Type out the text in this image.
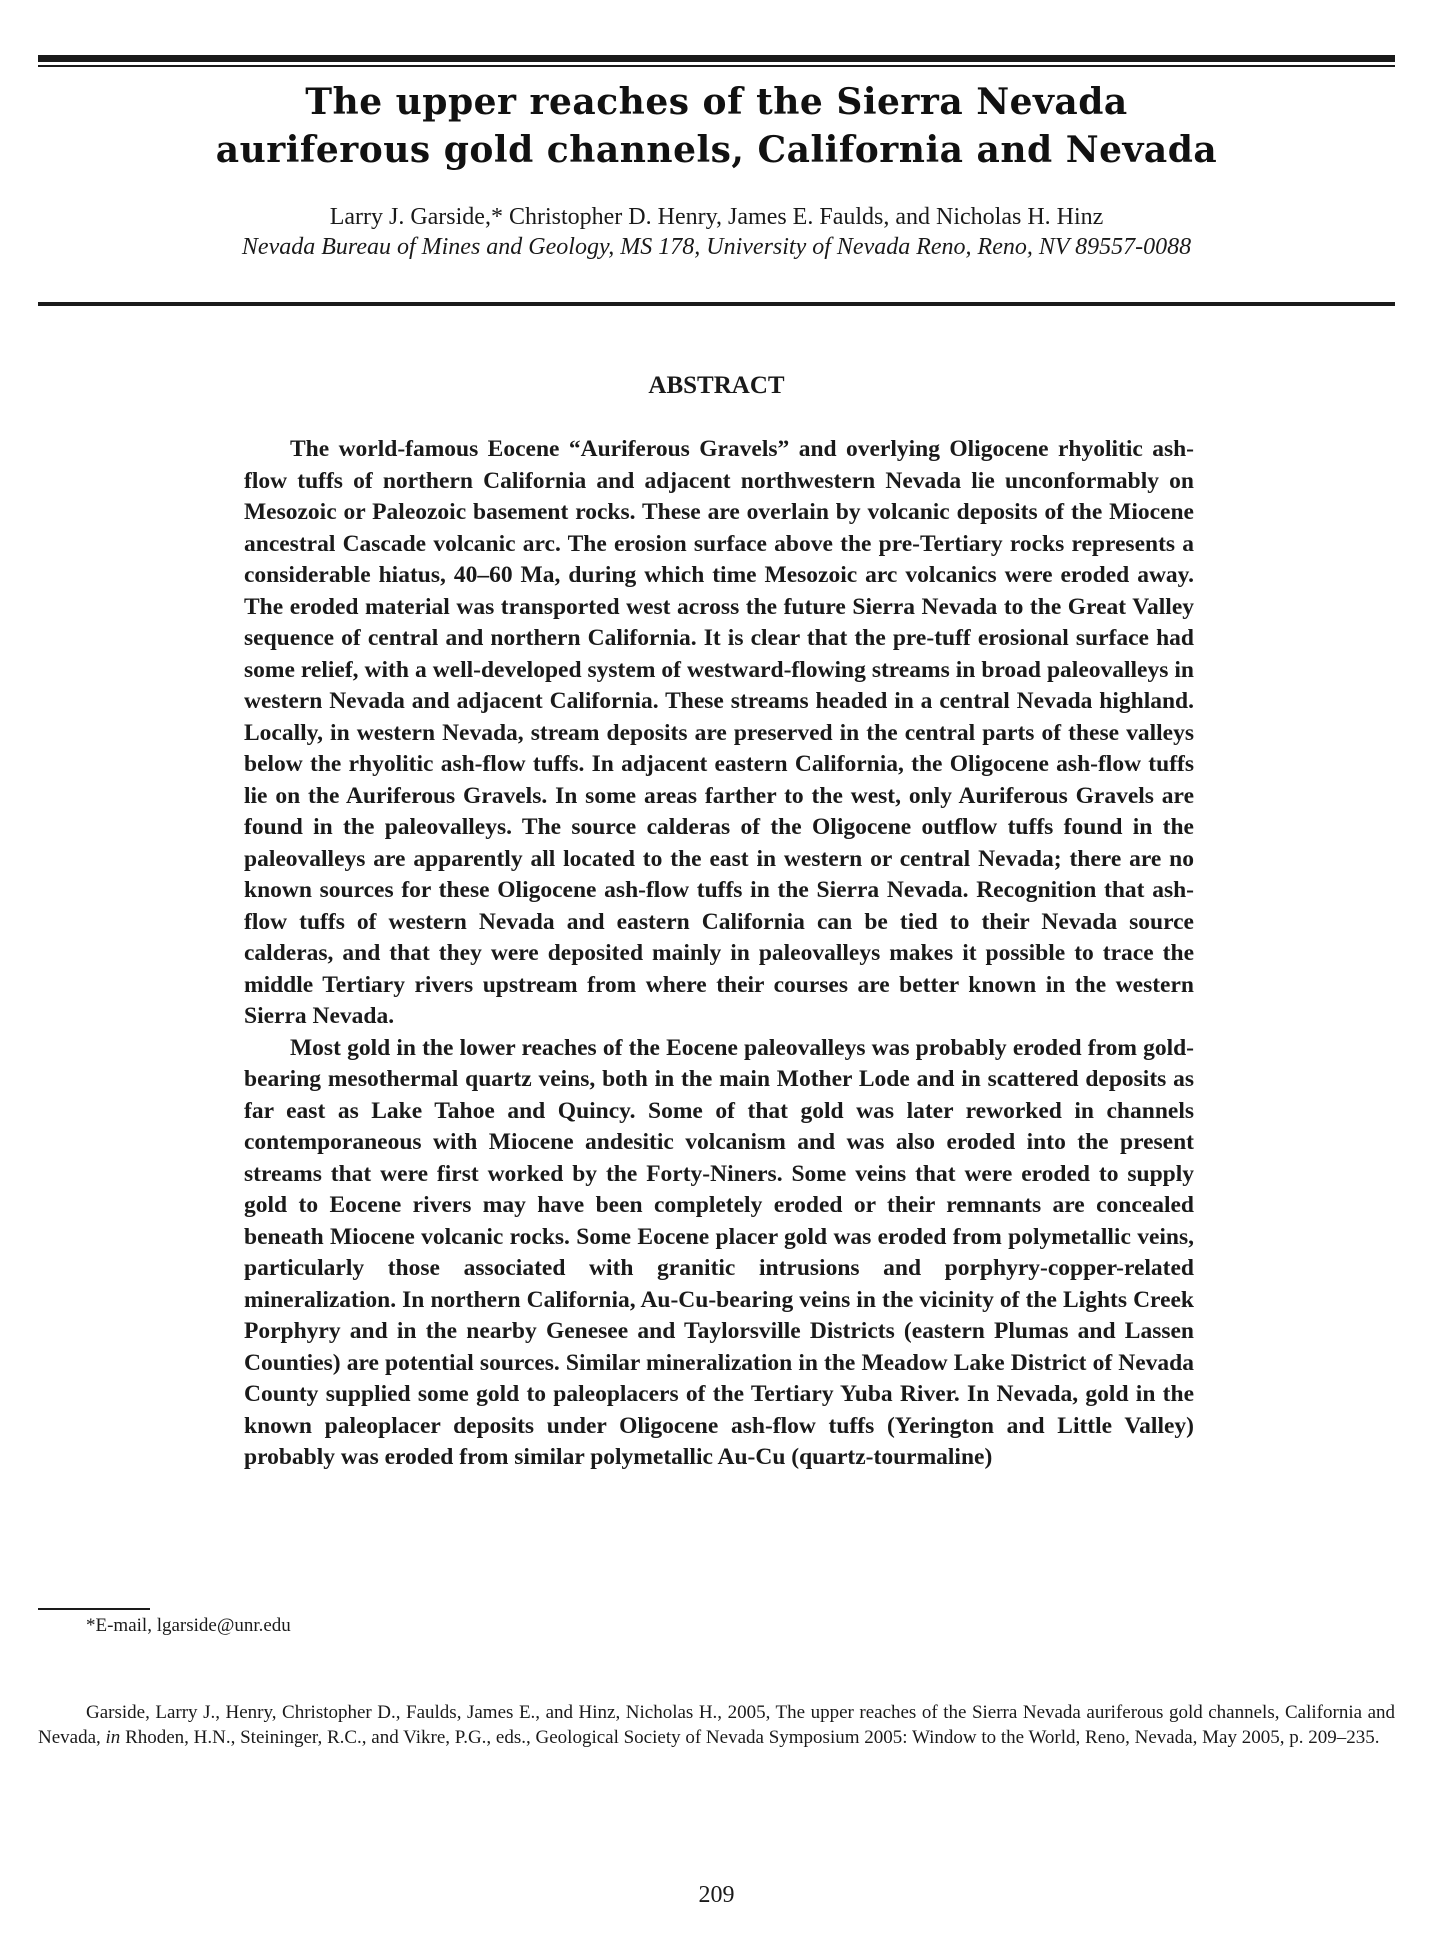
The upper reaches of the Sierra Nevada
auriferous gold channels, California and Nevada

Larry J. Garside,* Christopher D. Henry, James E. Faulds, and Nicholas H. Hinz

Nevada Bureau of Mines and Geology, MS 178, University of Nevada Reno, Reno, NV 89557-0088

ABSTRACT

The world-famous Eocene “Auriferous Gravels” and overlying Oligocene rhyolitic ash-flow tuffs of northern California and adjacent northwestern Nevada lie unconformably on Mesozoic or Paleozoic basement rocks. These are overlain by volcanic deposits of the Miocene ancestral Cascade volcanic arc. The erosion surface above the pre-Tertiary rocks represents a considerable hiatus, 40–60 Ma, during which time Mesozoic arc volcanics were eroded away. The eroded material was transported west across the future Sierra Nevada to the Great Valley sequence of central and northern California. It is clear that the pre-tuff erosional surface had some relief, with a well-developed system of westward-flowing streams in broad paleovalleys in western Nevada and adjacent California. These streams headed in a central Nevada highland. Locally, in western Nevada, stream deposits are preserved in the central parts of these valleys below the rhyolitic ash-flow tuffs. In adjacent eastern California, the Oligocene ash-flow tuffs lie on the Auriferous Gravels. In some areas farther to the west, only Auriferous Gravels are found in the paleovalleys. The source calderas of the Oligocene outflow tuffs found in the paleovalleys are apparently all located to the east in western or central Nevada; there are no known sources for these Oligocene ash-flow tuffs in the Sierra Nevada. Recognition that ash-flow tuffs of western Nevada and eastern California can be tied to their Nevada source calderas, and that they were deposited mainly in paleovalleys makes it possible to trace the middle Tertiary rivers upstream from where their courses are better known in the western Sierra Nevada.

Most gold in the lower reaches of the Eocene paleovalleys was probably eroded from gold-bearing mesothermal quartz veins, both in the main Mother Lode and in scattered deposits as far east as Lake Tahoe and Quincy. Some of that gold was later reworked in channels contemporaneous with Miocene andesitic volcanism and was also eroded into the present streams that were first worked by the Forty-Niners. Some veins that were eroded to supply gold to Eocene rivers may have been completely eroded or their remnants are concealed beneath Miocene volcanic rocks. Some Eocene placer gold was eroded from polymetallic veins, particularly those associated with granitic intrusions and porphyry-copper-related mineralization. In northern California, Au-Cu-bearing veins in the vicinity of the Lights Creek Porphyry and in the nearby Genesee and Taylorsville Districts (eastern Plumas and Lassen Counties) are potential sources. Similar mineralization in the Meadow Lake District of Nevada County supplied some gold to paleoplacers of the Tertiary Yuba River. In Nevada, gold in the known paleoplacer deposits under Oligocene ash-flow tuffs (Yerington and Little Valley) probably was eroded from similar polymetallic Au-Cu (quartz-tourmaline)

*E-mail, lgarside@unr.edu

Garside, Larry J., Henry, Christopher D., Faulds, James E., and Hinz, Nicholas H., 2005, The upper reaches of the Sierra Nevada auriferous gold channels, California and Nevada, in Rhoden, H.N., Steininger, R.C., and Vikre, P.G., eds., Geological Society of Nevada Symposium 2005: Window to the World, Reno, Nevada, May 2005, p. 209–235.

209
